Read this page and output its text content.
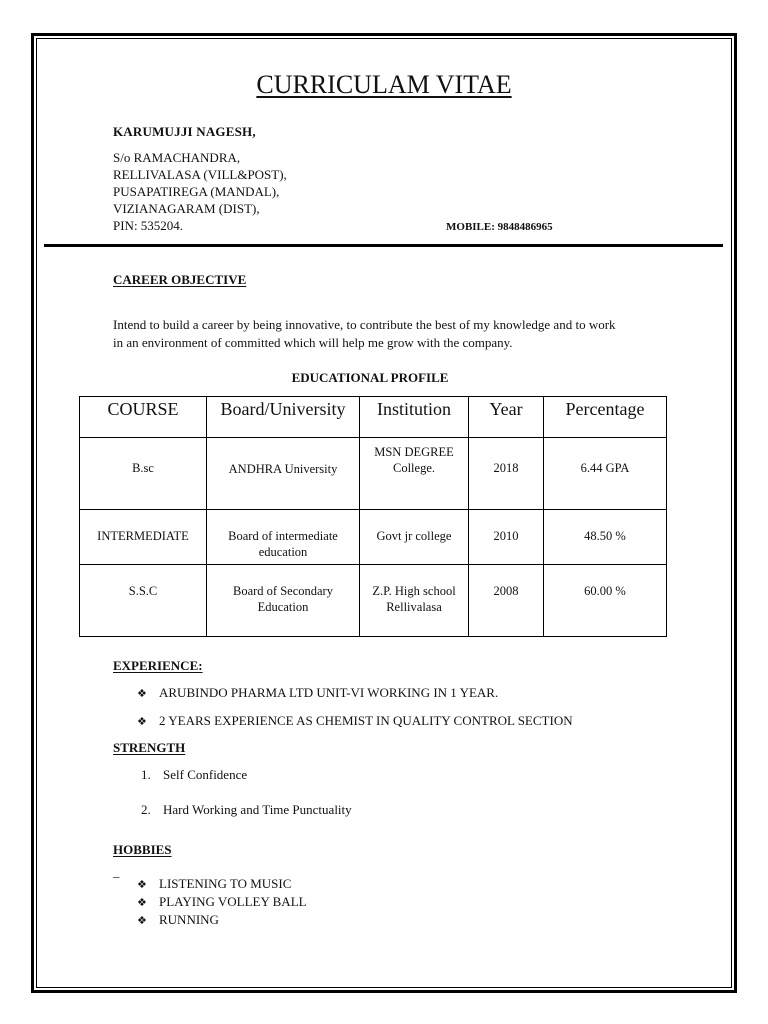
CURRICULAM VITAE
KARUMUJJI NAGESH,
S/o RAMACHANDRA,
RELLIVALASA (VILL&POST),
PUSAPATIREGA (MANDAL),
VIZIANAGARAM (DIST),
PIN: 535204.	MOBILE: 9848486965
CAREER OBJECTIVE
Intend to build a career by being innovative, to contribute the best of my knowledge and to work
in an environment of committed which will help me grow with the company.
EDUCATIONAL PROFILE
COURSE	Board/University	Institution	Year	Percentage
B.sc	ANDHRA University	MSN DEGREE College.	2018	6.44 GPA
INTERMEDIATE	Board of intermediate education	Govt jr college	2010	48.50 %
S.S.C	Board of Secondary Education	Z.P. High school Rellivalasa	2008	60.00 %
EXPERIENCE:
❖ ARUBINDO PHARMA LTD UNIT-VI WORKING IN 1 YEAR.
❖ 2 YEARS EXPERIENCE AS CHEMIST IN QUALITY CONTROL SECTION
STRENGTH
1. Self Confidence
2. Hard Working and Time Punctuality
HOBBIES
_
❖ LISTENING TO MUSIC
❖ PLAYING VOLLEY BALL
❖ RUNNING
